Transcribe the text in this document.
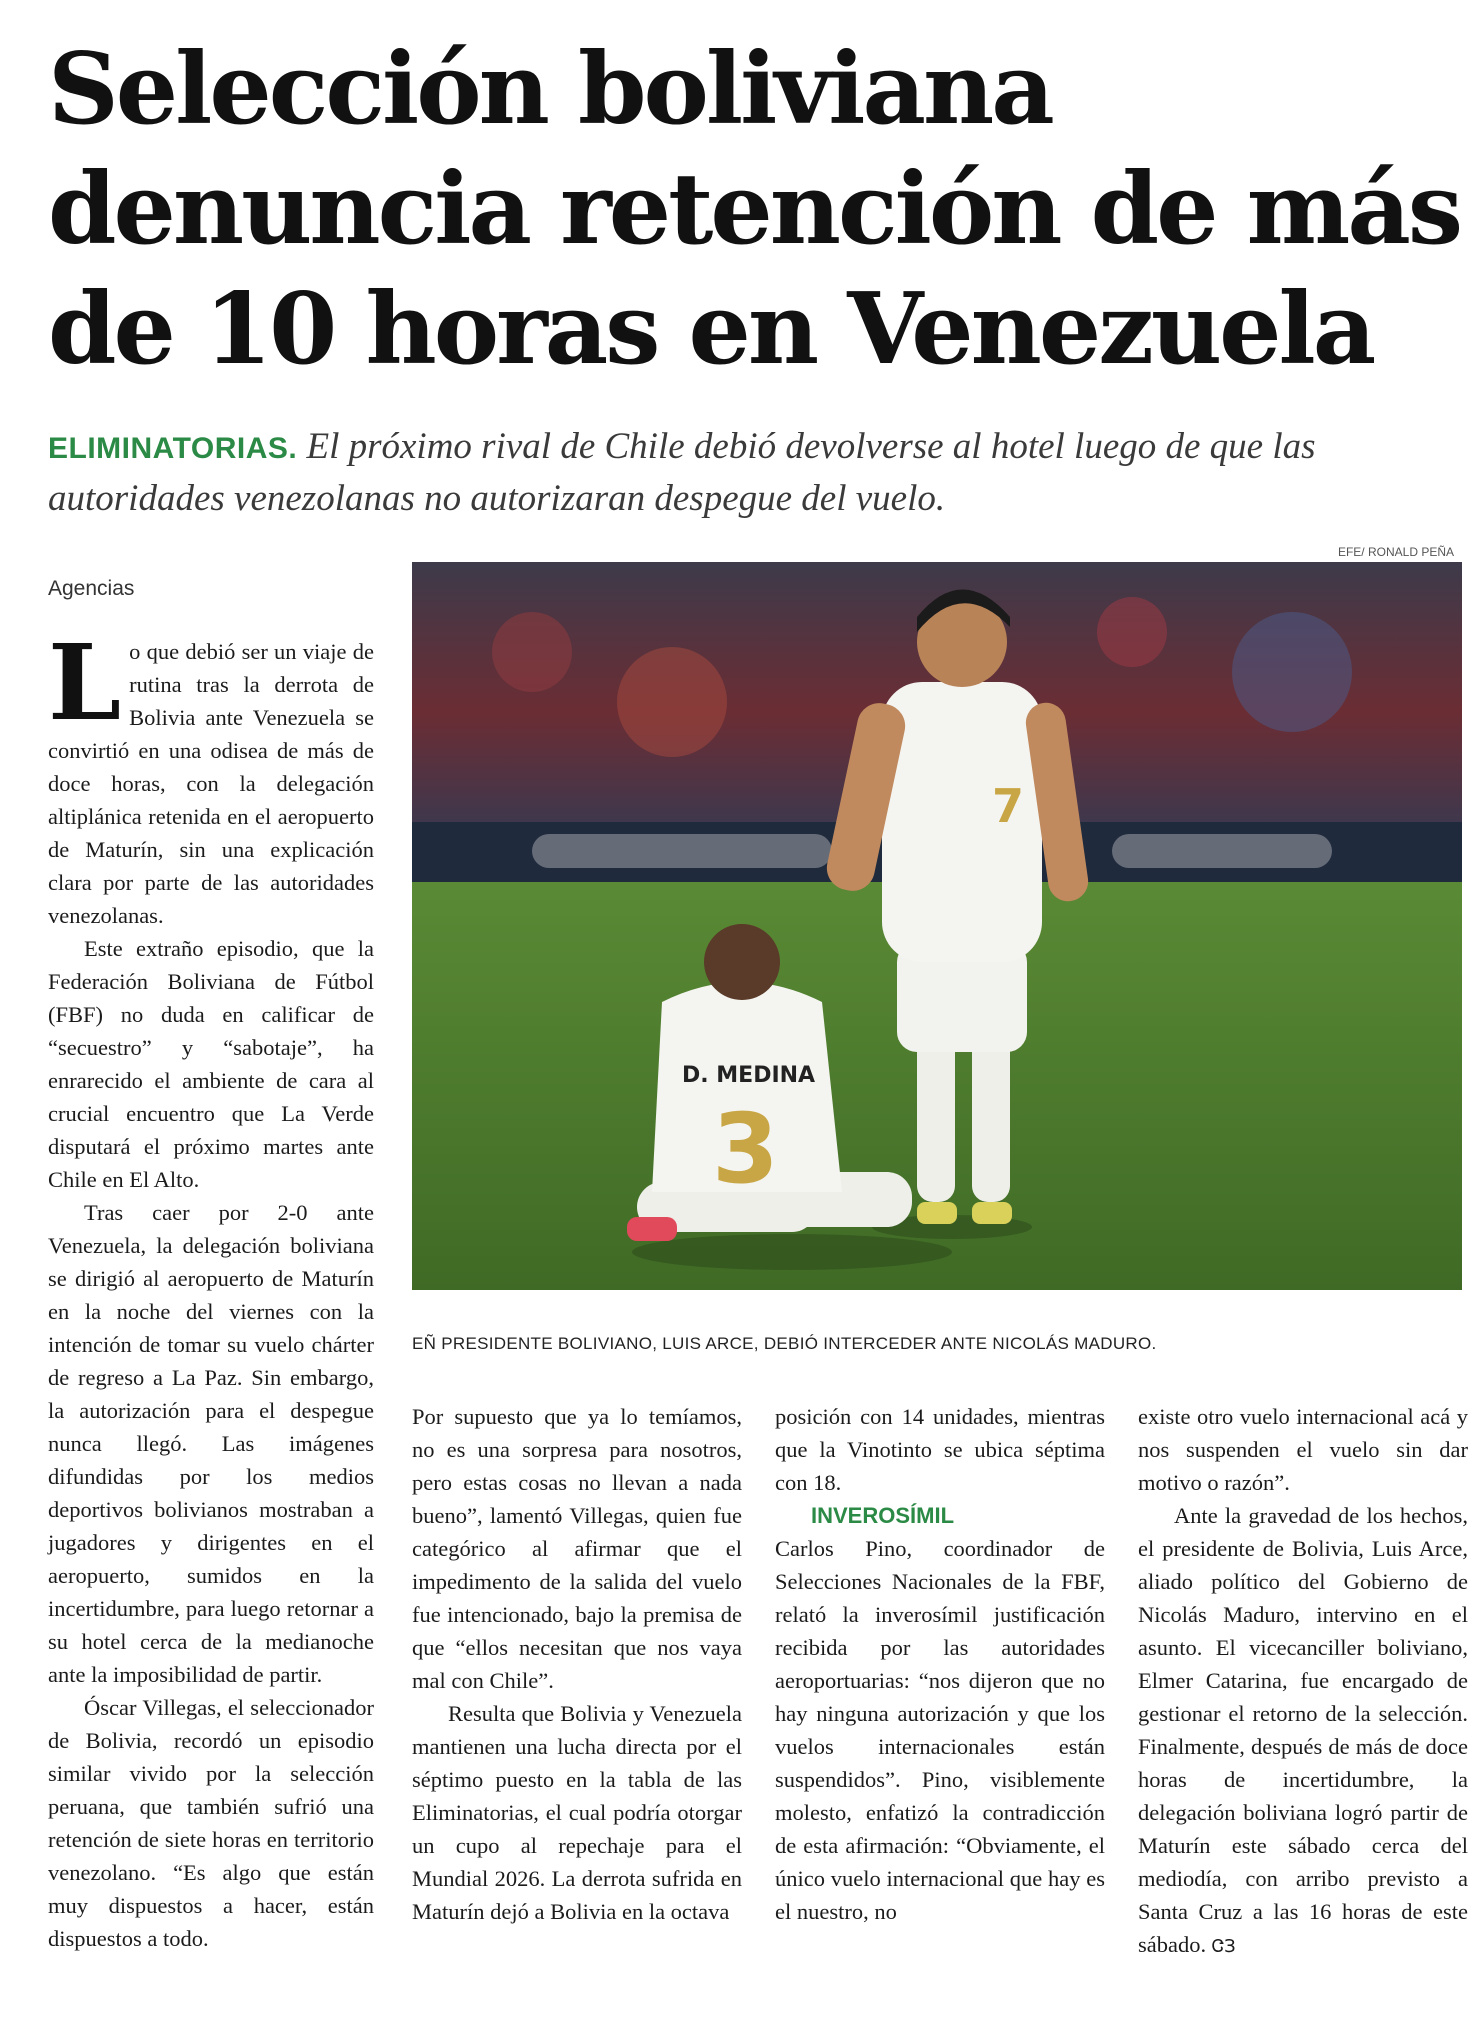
Selección boliviana
denuncia retención de más
de 10 horas en Venezuela
ELIMINATORIAS. El próximo rival de Chile debió devolverse al hotel luego de que las autoridades venezolanas no autorizaran despegue del vuelo.
EFE/ RONALD PEÑA
7
D. MEDINA
3
EÑ PRESIDENTE BOLIVIANO, LUIS ARCE, DEBIÓ INTERCEDER ANTE NICOLÁS MADURO.
Agencias

Lo que debió ser un viaje de rutina tras la derrota de Bolivia ante Venezuela se convirtió en una odisea de más de doce horas, con la delegación altiplánica retenida en el aeropuerto de Maturín, sin una explicación clara por parte de las autoridades venezolanas.

Este extraño episodio, que la Federación Boliviana de Fútbol (FBF) no duda en calificar de “secuestro” y “sabotaje”, ha enrarecido el ambiente de cara al crucial encuentro que La Verde disputará el próximo martes ante Chile en El Alto.

Tras caer por 2-0 ante Venezuela, la delegación boliviana se dirigió al aeropuerto de Maturín en la noche del viernes con la intención de tomar su vuelo chárter de regreso a La Paz. Sin embargo, la autorización para el despegue nunca llegó. Las imágenes difundidas por los medios deportivos bolivianos mostraban a jugadores y dirigentes en el aeropuerto, sumidos en la incertidumbre, para luego retornar a su hotel cerca de la medianoche ante la imposibilidad de partir.

Óscar Villegas, el seleccionador de Bolivia, recordó un episodio similar vivido por la selección peruana, que también sufrió una retención de siete horas en territorio venezolano. “Es algo que están muy dispuestos a hacer, están dispuestos a todo.

Por supuesto que ya lo temíamos, no es una sorpresa para nosotros, pero estas cosas no llevan a nada bueno”, lamentó Villegas, quien fue categórico al afirmar que el impedimento de la salida del vuelo fue intencionado, bajo la premisa de que “ellos necesitan que nos vaya mal con Chile”.

Resulta que Bolivia y Venezuela mantienen una lucha directa por el séptimo puesto en la tabla de las Eliminatorias, el cual podría otorgar un cupo al repechaje para el Mundial 2026. La derrota sufrida en Maturín dejó a Bolivia en la octava

posición con 14 unidades, mientras que la Vinotinto se ubica séptima con 18.

INVEROSÍMIL

Carlos Pino, coordinador de Selecciones Nacionales de la FBF, relató la inverosímil justificación recibida por las autoridades aeroportuarias: “nos dijeron que no hay ninguna autorización y que los vuelos internacionales están suspendidos”. Pino, visiblemente molesto, enfatizó la contradicción de esta afirmación: “Obviamente, el único vuelo internacional que hay es el nuestro, no

existe otro vuelo internacional acá y nos suspenden el vuelo sin dar motivo o razón”.

Ante la gravedad de los hechos, el presidente de Bolivia, Luis Arce, aliado político del Gobierno de Nicolás Maduro, intervino en el asunto. El vicecanciller boliviano, Elmer Catarina, fue encargado de gestionar el retorno de la selección. Finalmente, después de más de doce horas de incertidumbre, la delegación boliviana logró partir de Maturín este sábado cerca del mediodía, con arribo previsto a Santa Cruz a las 16 horas de este sábado. ᏣЗ
